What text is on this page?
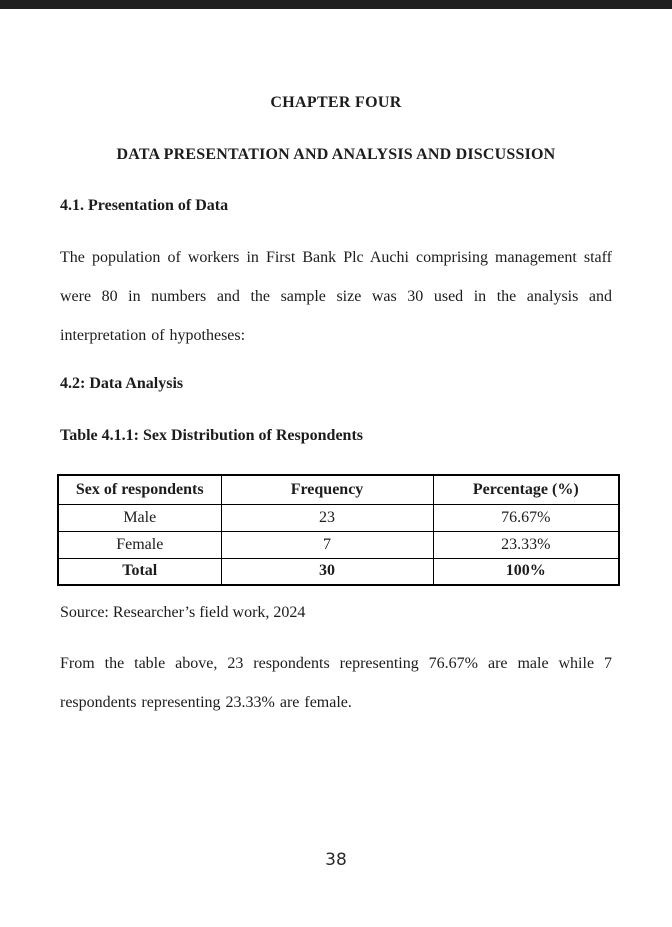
CHAPTER FOUR
DATA PRESENTATION AND ANALYSIS AND DISCUSSION
4.1. Presentation of Data
The population of workers in First Bank Plc Auchi comprising management staff
were 80 in numbers and the sample size was 30 used in the analysis and
interpretation of hypotheses:
4.2: Data Analysis
Table 4.1.1: Sex Distribution of Respondents
Sex of respondents	Frequency	Percentage (%)
Male	23	76.67%
Female	7	23.33%
Total	30	100%
Source: Researcher’s field work, 2024
From the table above, 23 respondents representing 76.67% are male while 7
respondents representing 23.33% are female.
38
